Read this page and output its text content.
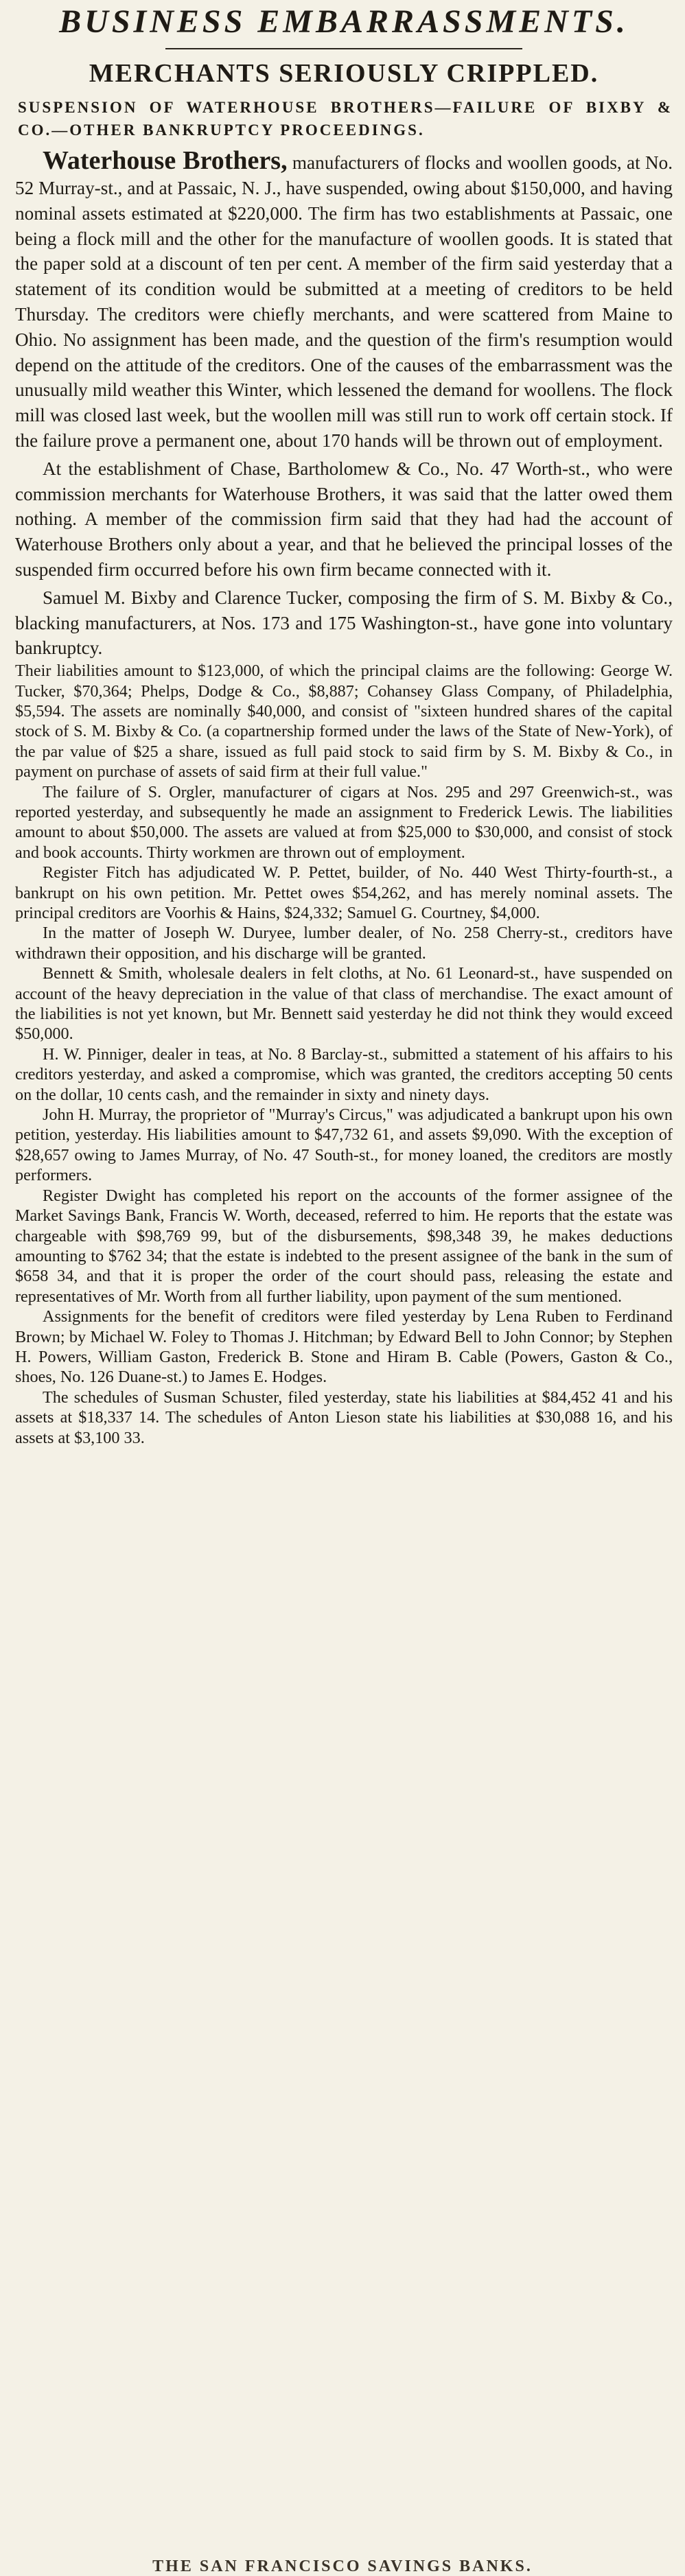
BUSINESS EMBARRASSMENTS.
MERCHANTS SERIOUSLY CRIPPLED.
SUSPENSION OF WATERHOUSE BROTHERS—FAILURE OF BIXBY & CO.—OTHER BANKRUPTCY PROCEEDINGS.

Waterhouse Brothers, manufacturers of flocks and woollen goods, at No. 52 Murray-st., and at Passaic, N. J., have suspended, owing about $150,000, and having nominal assets estimated at $220,000. The firm has two establishments at Passaic, one being a flock mill and the other for the manufacture of woollen goods. It is stated that the paper sold at a discount of ten per cent. A member of the firm said yesterday that a statement of its condition would be submitted at a meeting of creditors to be held Thursday. The creditors were chiefly merchants, and were scattered from Maine to Ohio. No assignment has been made, and the question of the firm's resumption would depend on the attitude of the creditors. One of the causes of the embarrassment was the unusually mild weather this Winter, which lessened the demand for woollens. The flock mill was closed last week, but the woollen mill was still run to work off certain stock. If the failure prove a permanent one, about 170 hands will be thrown out of employment.

At the establishment of Chase, Bartholomew & Co., No. 47 Worth-st., who were commission merchants for Waterhouse Brothers, it was said that the latter owed them nothing. A member of the commission firm said that they had had the account of Waterhouse Brothers only about a year, and that he believed the principal losses of the suspended firm occurred before his own firm became connected with it.

Samuel M. Bixby and Clarence Tucker, composing the firm of S. M. Bixby & Co., blacking manufacturers, at Nos. 173 and 175 Washington-st., have gone into voluntary bankruptcy.

Their liabilities amount to $123,000, of which the principal claims are the following: George W. Tucker, $70,364; Phelps, Dodge & Co., $8,887; Cohansey Glass Company, of Philadelphia, $5,594. The assets are nominally $40,000, and consist of "sixteen hundred shares of the capital stock of S. M. Bixby & Co. (a copartnership formed under the laws of the State of New-York), of the par value of $25 a share, issued as full paid stock to said firm by S. M. Bixby & Co., in payment on purchase of assets of said firm at their full value."

The failure of S. Orgler, manufacturer of cigars at Nos. 295 and 297 Greenwich-st., was reported yesterday, and subsequently he made an assignment to Frederick Lewis. The liabilities amount to about $50,000. The assets are valued at from $25,000 to $30,000, and consist of stock and book accounts. Thirty workmen are thrown out of employment.

Register Fitch has adjudicated W. P. Pettet, builder, of No. 440 West Thirty-fourth-st., a bankrupt on his own petition. Mr. Pettet owes $54,262, and has merely nominal assets. The principal creditors are Voorhis & Hains, $24,332; Samuel G. Courtney, $4,000.

In the matter of Joseph W. Duryee, lumber dealer, of No. 258 Cherry-st., creditors have withdrawn their opposition, and his discharge will be granted.

Bennett & Smith, wholesale dealers in felt cloths, at No. 61 Leonard-st., have suspended on account of the heavy depreciation in the value of that class of merchandise. The exact amount of the liabilities is not yet known, but Mr. Bennett said yesterday he did not think they would exceed $50,000.

H. W. Pinniger, dealer in teas, at No. 8 Barclay-st., submitted a statement of his affairs to his creditors yesterday, and asked a compromise, which was granted, the creditors accepting 50 cents on the dollar, 10 cents cash, and the remainder in sixty and ninety days.

John H. Murray, the proprietor of "Murray's Circus," was adjudicated a bankrupt upon his own petition, yesterday. His liabilities amount to $47,732 61, and assets $9,090. With the exception of $28,657 owing to James Murray, of No. 47 South-st., for money loaned, the creditors are mostly performers.

Register Dwight has completed his report on the accounts of the former assignee of the Market Savings Bank, Francis W. Worth, deceased, referred to him. He reports that the estate was chargeable with $98,769 99, but of the disbursements, $98,348 39, he makes deductions amounting to $762 34; that the estate is indebted to the present assignee of the bank in the sum of $658 34, and that it is proper the order of the court should pass, releasing the estate and representatives of Mr. Worth from all further liability, upon payment of the sum mentioned.

Assignments for the benefit of creditors were filed yesterday by Lena Ruben to Ferdinand Brown; by Michael W. Foley to Thomas J. Hitchman; by Edward Bell to John Connor; by Stephen H. Powers, William Gaston, Frederick B. Stone and Hiram B. Cable (Powers, Gaston & Co., shoes, No. 126 Duane-st.) to James E. Hodges.

The schedules of Susman Schuster, filed yesterday, state his liabilities at $84,452 41 and his assets at $18,337 14. The schedules of Anton Lieson state his liabilities at $30,088 16, and his assets at $3,100 33.

THE SAN FRANCISCO SAVINGS BANKS.
